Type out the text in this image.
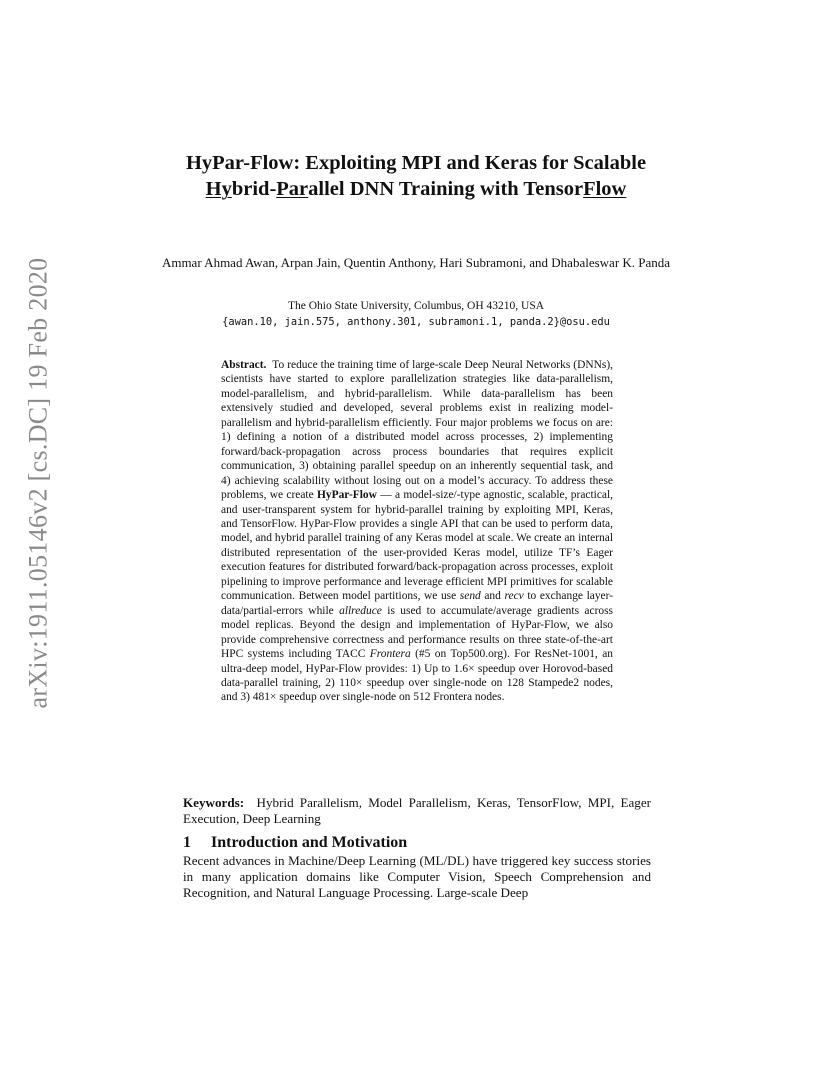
arXiv:1911.05146v2 [cs.DC] 19 Feb 2020
HyPar-Flow: Exploiting MPI and Keras for Scalable Hybrid-Parallel DNN Training with TensorFlow
Ammar Ahmad Awan, Arpan Jain, Quentin Anthony, Hari Subramoni, and Dhabaleswar K. Panda
The Ohio State University, Columbus, OH 43210, USA
{awan.10, jain.575, anthony.301, subramoni.1, panda.2}@osu.edu
Abstract. To reduce the training time of large-scale Deep Neural Networks (DNNs), scientists have started to explore parallelization strategies like data-parallelism, model-parallelism, and hybrid-parallelism. While data-parallelism has been extensively studied and developed, several problems exist in realizing model-parallelism and hybrid-parallelism efficiently. Four major problems we focus on are: 1) defining a notion of a distributed model across processes, 2) implementing forward/back-propagation across process boundaries that requires explicit communication, 3) obtaining parallel speedup on an inherently sequential task, and 4) achieving scalability without losing out on a model’s accuracy. To address these problems, we create HyPar-Flow — a model-size/-type agnostic, scalable, practical, and user-transparent system for hybrid-parallel training by exploiting MPI, Keras, and TensorFlow. HyPar-Flow provides a single API that can be used to perform data, model, and hybrid parallel training of any Keras model at scale. We create an internal distributed representation of the user-provided Keras model, utilize TF’s Eager execution features for distributed forward/back-propagation across processes, exploit pipelining to improve performance and leverage efficient MPI primitives for scalable communication. Between model partitions, we use send and recv to exchange layer-data/partial-errors while allreduce is used to accumulate/average gradients across model replicas. Beyond the design and implementation of HyPar-Flow, we also provide comprehensive correctness and performance results on three state-of-the-art HPC systems including TACC Frontera (#5 on Top500.org). For ResNet-1001, an ultra-deep model, HyPar-Flow provides: 1) Up to 1.6× speedup over Horovod-based data-parallel training, 2) 110× speedup over single-node on 128 Stampede2 nodes, and 3) 481× speedup over single-node on 512 Frontera nodes.
Keywords: Hybrid Parallelism, Model Parallelism, Keras, TensorFlow, MPI, Eager Execution, Deep Learning
1 Introduction and Motivation
Recent advances in Machine/Deep Learning (ML/DL) have triggered key success stories in many application domains like Computer Vision, Speech Comprehension and Recognition, and Natural Language Processing. Large-scale Deep
